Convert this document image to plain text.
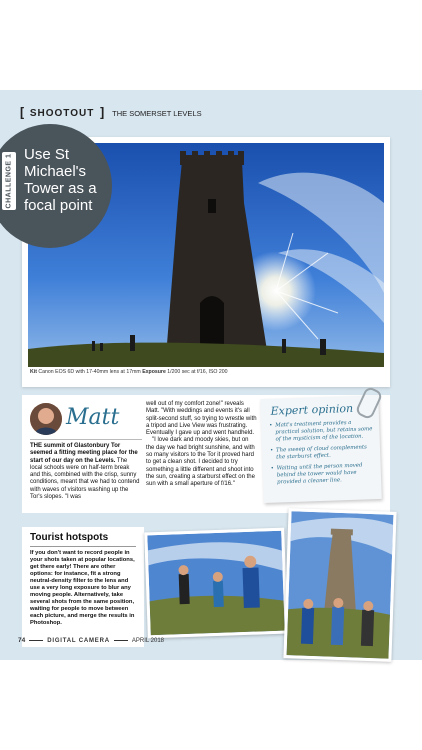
[ SHOOTOUT ] THE SOMERSET LEVELS
Kit Canon EOS 6D with 17-40mm lens at 17mm Exposure 1/200 sec at f/16, ISO 200
CHALLENGE 1 Use St Michael's Tower as a focal point
Matt
THE summit of Glastonbury Tor seemed a fitting meeting place for the start of our day on the Levels. The local schools were on half-term break and this, combined with the crisp, sunny conditions, meant that we had to contend with waves of visitors washing up the Tor's slopes. "I was

well out of my comfort zone!" reveals Matt. "With weddings and events it's all split-second stuff, so trying to wrestle with a tripod and Live View was frustrating. Eventually I gave up and went handheld.

"I love dark and moody skies, but on the day we had bright sunshine, and with so many visitors to the Tor it proved hard to get a clean shot. I decided to try something a little different and shoot into the sun, creating a starburst effect on the sun with a small aperture of f/16."

Expert opinion
• Matt's treatment provides a practical solution, but retains some of the mysticism of the location.
• The sweep of cloud complements the starburst effect.
• Waiting until the person moved behind the tower would have provided a cleaner line.
Tourist hotspots
If you don't want to record people in your shots taken at popular locations, get there early! There are other options: for instance, fit a strong neutral-density filter to the lens and use a very long exposure to blur any moving people. Alternatively, take several shots from the same position, waiting for people to move between each picture, and merge the results in Photoshop.
74	DIGITAL CAMERA	APRIL 2018
